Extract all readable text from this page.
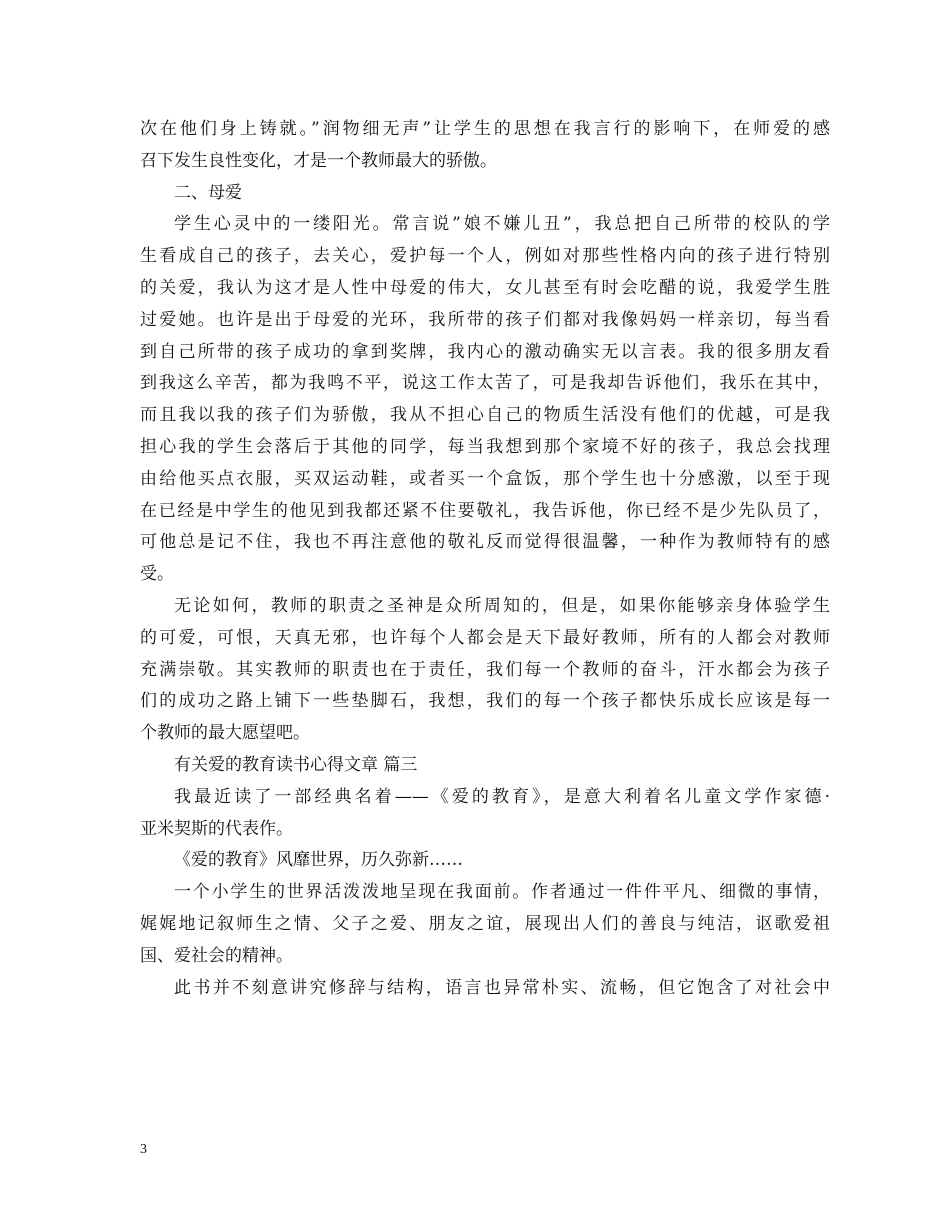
次在他们身上铸就。”润物细无声”让学生的思想在我言行的影响下，在师爱的感
召下发生良性变化，才是一个教师最大的骄傲。
二、母爱
学生心灵中的一缕阳光。常言说”娘不嫌儿丑”，我总把自己所带的校队的学
生看成自己的孩子，去关心，爱护每一个人，例如对那些性格内向的孩子进行特别
的关爱，我认为这才是人性中母爱的伟大，女儿甚至有时会吃醋的说，我爱学生胜
过爱她。也许是出于母爱的光环，我所带的孩子们都对我像妈妈一样亲切，每当看
到自己所带的孩子成功的拿到奖牌，我内心的激动确实无以言表。我的很多朋友看
到我这么辛苦，都为我鸣不平，说这工作太苦了，可是我却告诉他们，我乐在其中，
而且我以我的孩子们为骄傲，我从不担心自己的物质生活没有他们的优越，可是我
担心我的学生会落后于其他的同学，每当我想到那个家境不好的孩子，我总会找理
由给他买点衣服，买双运动鞋，或者买一个盒饭，那个学生也十分感激，以至于现
在已经是中学生的他见到我都还紧不住要敬礼，我告诉他，你已经不是少先队员了，
可他总是记不住，我也不再注意他的敬礼反而觉得很温馨，一种作为教师特有的感
受。
无论如何，教师的职责之圣神是众所周知的，但是，如果你能够亲身体验学生
的可爱，可恨，天真无邪，也许每个人都会是天下最好教师，所有的人都会对教师
充满崇敬。其实教师的职责也在于责任，我们每一个教师的奋斗，汗水都会为孩子
们的成功之路上铺下一些垫脚石，我想，我们的每一个孩子都快乐成长应该是每一
个教师的最大愿望吧。
有关爱的教育读书心得文章 篇三
我最近读了一部经典名着——《爱的教育》，是意大利着名儿童文学作家德·
亚米契斯的代表作。
《爱的教育》风靡世界，历久弥新……
一个小学生的世界活泼泼地呈现在我面前。作者通过一件件平凡、细微的事情，
娓娓地记叙师生之情、父子之爱、朋友之谊，展现出人们的善良与纯洁，讴歌爱祖
国、爱社会的精神。
此书并不刻意讲究修辞与结构，语言也异常朴实、流畅，但它饱含了对社会中
3
